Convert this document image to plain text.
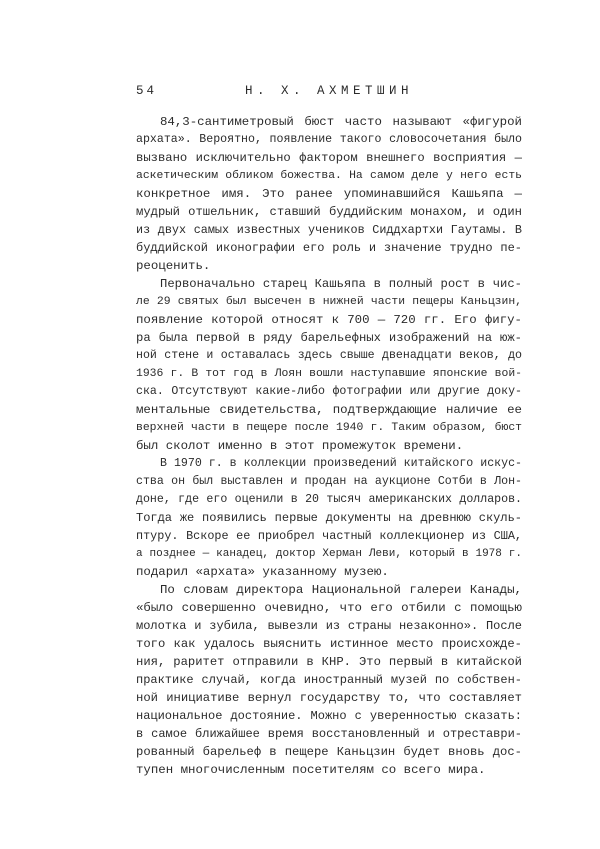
54	Н. Х. АХМЕТШИН

84,3-сантиметровый бюст часто называют «фигурой
архата». Вероятно, появление такого словосочетания было
вызвано исключительно фактором внешнего восприятия —
аскетическим обликом божества. На самом деле у него есть
конкретное имя. Это ранее упоминавшийся Кашьяпа —
мудрый отшельник, ставший буддийским монахом, и один
из двух самых известных учеников Сиддхартхи Гаутамы. В
буддийской иконографии его роль и значение трудно пе-
реоценить.

Первоначально старец Кашьяпа в полный рост в чис-
ле 29 святых был высечен в нижней части пещеры Каньцзин,
появление которой относят к 700 — 720 гг. Его фигу-
ра была первой в ряду барельефных изображений на юж-
ной стене и оставалась здесь свыше двенадцати веков, до
1936 г. В тот год в Лоян вошли наступавшие японские вой-
ска. Отсутствуют какие-либо фотографии или другие доку-
ментальные свидетельства, подтверждающие наличие ее
верхней части в пещере после 1940 г. Таким образом, бюст
был сколот именно в этот промежуток времени.

В 1970 г. в коллекции произведений китайского искус-
ства он был выставлен и продан на аукционе Сотби в Лон-
доне, где его оценили в 20 тысяч американских долларов.
Тогда же появились первые документы на древнюю скуль-
птуру. Вскоре ее приобрел частный коллекционер из США,
а позднее — канадец, доктор Херман Леви, который в 1978 г.
подарил «архата» указанному музею.

По словам директора Национальной галереи Канады,
«было совершенно очевидно, что его отбили с помощью
молотка и зубила, вывезли из страны незаконно». После
того как удалось выяснить истинное место происхожде-
ния, раритет отправили в КНР. Это первый в китайской
практике случай, когда иностранный музей по собствен-
ной инициативе вернул государству то, что составляет
национальное достояние. Можно с уверенностью сказать:
в самое ближайшее время восстановленный и отреставри-
рованный барельеф в пещере Каньцзин будет вновь дос-
тупен многочисленным посетителям со всего мира.
